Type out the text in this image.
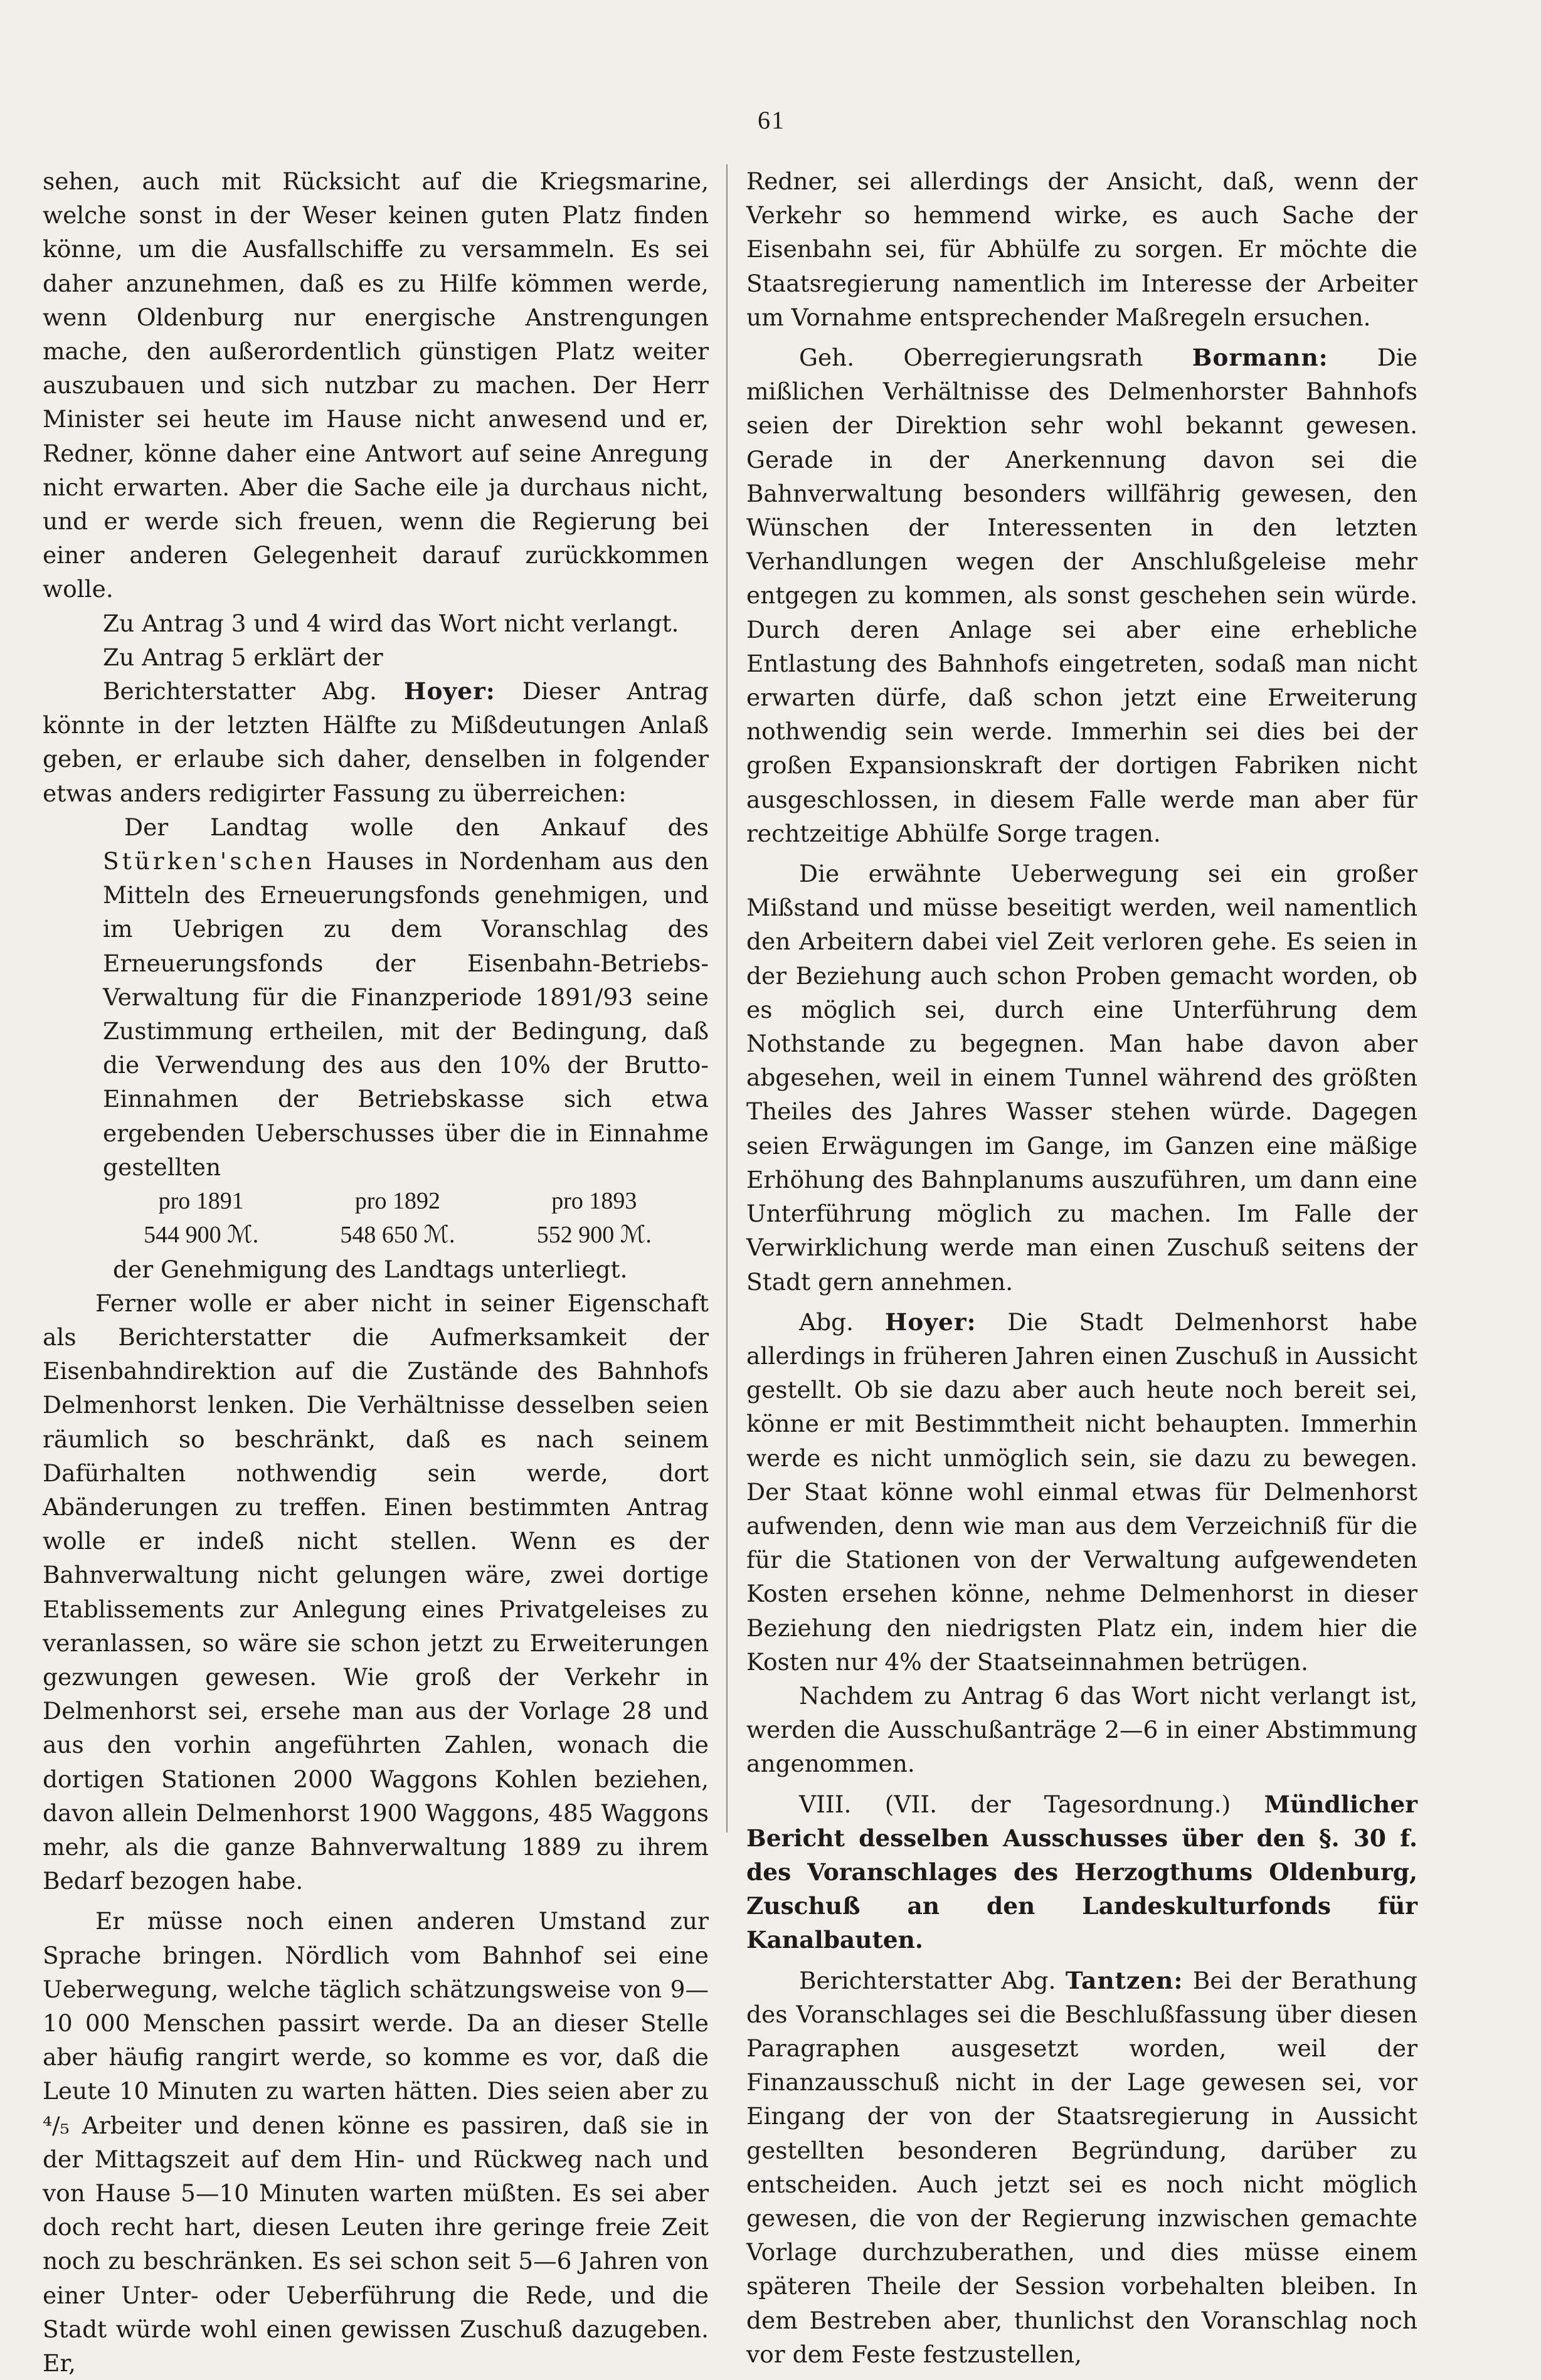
61

sehen, auch mit Rücksicht auf die Kriegsmarine, welche sonst in der Weser keinen guten Platz finden könne, um die Ausfallschiffe zu versammeln. Es sei daher anzunehmen, daß es zu Hilfe kömmen werde, wenn Oldenburg nur energische Anstrengungen mache, den außerordentlich günstigen Platz weiter auszubauen und sich nutzbar zu machen. Der Herr Minister sei heute im Hause nicht anwesend und er, Redner, könne daher eine Antwort auf seine Anregung nicht erwarten. Aber die Sache eile ja durchaus nicht, und er werde sich freuen, wenn die Regierung bei einer anderen Gelegenheit darauf zurückkommen wolle.

Zu Antrag 3 und 4 wird das Wort nicht verlangt.

Zu Antrag 5 erklärt der

Berichterstatter Abg. Hoyer: Dieser Antrag könnte in der letzten Hälfte zu Mißdeutungen Anlaß geben, er erlaube sich daher, denselben in folgender etwas anders redigirter Fassung zu überreichen:

Der Landtag wolle den Ankauf des Stürken'schen Hauses in Nordenham aus den Mitteln des Erneuerungsfonds genehmigen, und im Uebrigen zu dem Voranschlag des Erneuerungsfonds der Eisenbahn-Betriebs-Verwaltung für die Finanzperiode 1891/93 seine Zustimmung ertheilen, mit der Bedingung, daß die Verwendung des aus den 10% der Brutto-Einnahmen der Betriebskasse sich etwa ergebenden Ueberschusses über die in Einnahme gestellten

pro 1891	pro 1892	pro 1893
544 900 ℳ.	548 650 ℳ.	552 900 ℳ.

der Genehmigung des Landtags unterliegt.

Ferner wolle er aber nicht in seiner Eigenschaft als Berichterstatter die Aufmerksamkeit der Eisenbahndirektion auf die Zustände des Bahnhofs Delmenhorst lenken. Die Verhältnisse desselben seien räumlich so beschränkt, daß es nach seinem Dafürhalten nothwendig sein werde, dort Abänderungen zu treffen. Einen bestimmten Antrag wolle er indeß nicht stellen. Wenn es der Bahnverwaltung nicht gelungen wäre, zwei dortige Etablissements zur Anlegung eines Privatgeleises zu veranlassen, so wäre sie schon jetzt zu Erweiterungen gezwungen gewesen. Wie groß der Verkehr in Delmenhorst sei, ersehe man aus der Vorlage 28 und aus den vorhin angeführten Zahlen, wonach die dortigen Stationen 2000 Waggons Kohlen beziehen, davon allein Delmenhorst 1900 Waggons, 485 Waggons mehr, als die ganze Bahnverwaltung 1889 zu ihrem Bedarf bezogen habe.

Er müsse noch einen anderen Umstand zur Sprache bringen. Nördlich vom Bahnhof sei eine Ueberwegung, welche täglich schätzungsweise von 9—10 000 Menschen passirt werde. Da an dieser Stelle aber häufig rangirt werde, so komme es vor, daß die Leute 10 Minuten zu warten hätten. Dies seien aber zu ⁴/₅ Arbeiter und denen könne es passiren, daß sie in der Mittagszeit auf dem Hin- und Rückweg nach und von Hause 5—10 Minuten warten müßten. Es sei aber doch recht hart, diesen Leuten ihre geringe freie Zeit noch zu beschränken. Es sei schon seit 5—6 Jahren von einer Unter- oder Ueberführung die Rede, und die Stadt würde wohl einen gewissen Zuschuß dazugeben. Er,

Redner, sei allerdings der Ansicht, daß, wenn der Verkehr so hemmend wirke, es auch Sache der Eisenbahn sei, für Abhülfe zu sorgen. Er möchte die Staatsregierung namentlich im Interesse der Arbeiter um Vornahme entsprechender Maßregeln ersuchen.

Geh. Oberregierungsrath Bormann: Die mißlichen Verhältnisse des Delmenhorster Bahnhofs seien der Direktion sehr wohl bekannt gewesen. Gerade in der Anerkennung davon sei die Bahnverwaltung besonders willfährig gewesen, den Wünschen der Interessenten in den letzten Verhandlungen wegen der Anschlußgeleise mehr entgegen zu kommen, als sonst geschehen sein würde. Durch deren Anlage sei aber eine erhebliche Entlastung des Bahnhofs eingetreten, sodaß man nicht erwarten dürfe, daß schon jetzt eine Erweiterung nothwendig sein werde. Immerhin sei dies bei der großen Expansionskraft der dortigen Fabriken nicht ausgeschlossen, in diesem Falle werde man aber für rechtzeitige Abhülfe Sorge tragen.

Die erwähnte Ueberwegung sei ein großer Mißstand und müsse beseitigt werden, weil namentlich den Arbeitern dabei viel Zeit verloren gehe. Es seien in der Beziehung auch schon Proben gemacht worden, ob es möglich sei, durch eine Unterführung dem Nothstande zu begegnen. Man habe davon aber abgesehen, weil in einem Tunnel während des größten Theiles des Jahres Wasser stehen würde. Dagegen seien Erwägungen im Gange, im Ganzen eine mäßige Erhöhung des Bahnplanums auszuführen, um dann eine Unterführung möglich zu machen. Im Falle der Verwirklichung werde man einen Zuschuß seitens der Stadt gern annehmen.

Abg. Hoyer: Die Stadt Delmenhorst habe allerdings in früheren Jahren einen Zuschuß in Aussicht gestellt. Ob sie dazu aber auch heute noch bereit sei, könne er mit Bestimmtheit nicht behaupten. Immerhin werde es nicht unmöglich sein, sie dazu zu bewegen. Der Staat könne wohl einmal etwas für Delmenhorst aufwenden, denn wie man aus dem Verzeichniß für die für die Stationen von der Verwaltung aufgewendeten Kosten ersehen könne, nehme Delmenhorst in dieser Beziehung den niedrigsten Platz ein, indem hier die Kosten nur 4% der Staatseinnahmen betrügen.

Nachdem zu Antrag 6 das Wort nicht verlangt ist, werden die Ausschußanträge 2—6 in einer Abstimmung angenommen.

VIII. (VII. der Tagesordnung.) Mündlicher Bericht desselben Ausschusses über den §. 30 f. des Voranschlages des Herzogthums Oldenburg, Zuschuß an den Landeskulturfonds für Kanalbauten.

Berichterstatter Abg. Tantzen: Bei der Berathung des Voranschlages sei die Beschlußfassung über diesen Paragraphen ausgesetzt worden, weil der Finanzausschuß nicht in der Lage gewesen sei, vor Eingang der von der Staatsregierung in Aussicht gestellten besonderen Begründung, darüber zu entscheiden. Auch jetzt sei es noch nicht möglich gewesen, die von der Regierung inzwischen gemachte Vorlage durchzuberathen, und dies müsse einem späteren Theile der Session vorbehalten bleiben. In dem Bestreben aber, thunlichst den Voranschlag noch vor dem Feste festzustellen,
